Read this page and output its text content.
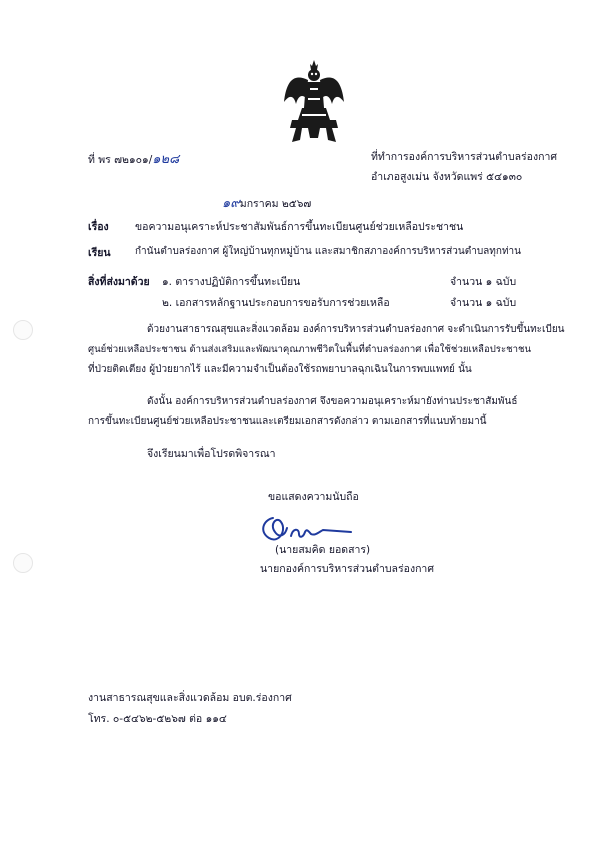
ที่ พร ๗๒๑๐๑/๑๒๘	ที่ทำการองค์การบริหารส่วนตำบลร่องกาศ
อำเภอสูงเม่น จังหวัดแพร่ ๕๔๑๓๐
๑๙มกราคม ๒๕๖๗
เรื่อง	ขอความอนุเคราะห์ประชาสัมพันธ์การขึ้นทะเบียนศูนย์ช่วยเหลือประชาชน
เรียน กำนันตำบลร่องกาศ ผู้ใหญ่บ้านทุกหมู่บ้าน และสมาชิกสภาองค์การบริหารส่วนตำบลทุกท่าน
สิ่งที่ส่งมาด้วย ๑. ตารางปฏิบัติการขึ้นทะเบียน	จำนวน ๑ ฉบับ
๒. เอกสารหลักฐานประกอบการขอรับการช่วยเหลือ	จำนวน ๑ ฉบับ
ด้วยงานสาธารณสุขและสิ่งแวดล้อม องค์การบริหารส่วนตำบลร่องกาศ จะดำเนินการรับขึ้นทะเบียน
ศูนย์ช่วยเหลือประชาชน ด้านส่งเสริมและพัฒนาคุณภาพชีวิตในพื้นที่ตำบลร่องกาศ เพื่อใช้ช่วยเหลือประชาชน
ที่ป่วยติดเตียง ผู้ป่วยยากไร้ และมีความจำเป็นต้องใช้รถพยาบาลฉุกเฉินในการพบแพทย์ นั้น
ดังนั้น องค์การบริหารส่วนตำบลร่องกาศ จึงขอความอนุเคราะห์มายังท่านประชาสัมพันธ์
การขึ้นทะเบียนศูนย์ช่วยเหลือประชาชนและเตรียมเอกสารดังกล่าว ตามเอกสารที่แนบท้ายมานี้
จึงเรียนมาเพื่อโปรดพิจารณา
ขอแสดงความนับถือ
(นายสมคิด ยอดสาร)
นายกองค์การบริหารส่วนตำบลร่องกาศ
งานสาธารณสุขและสิ่งแวดล้อม อบต.ร่องกาศ
โทร. ๐-๕๔๖๒-๕๒๖๗ ต่อ ๑๑๔
